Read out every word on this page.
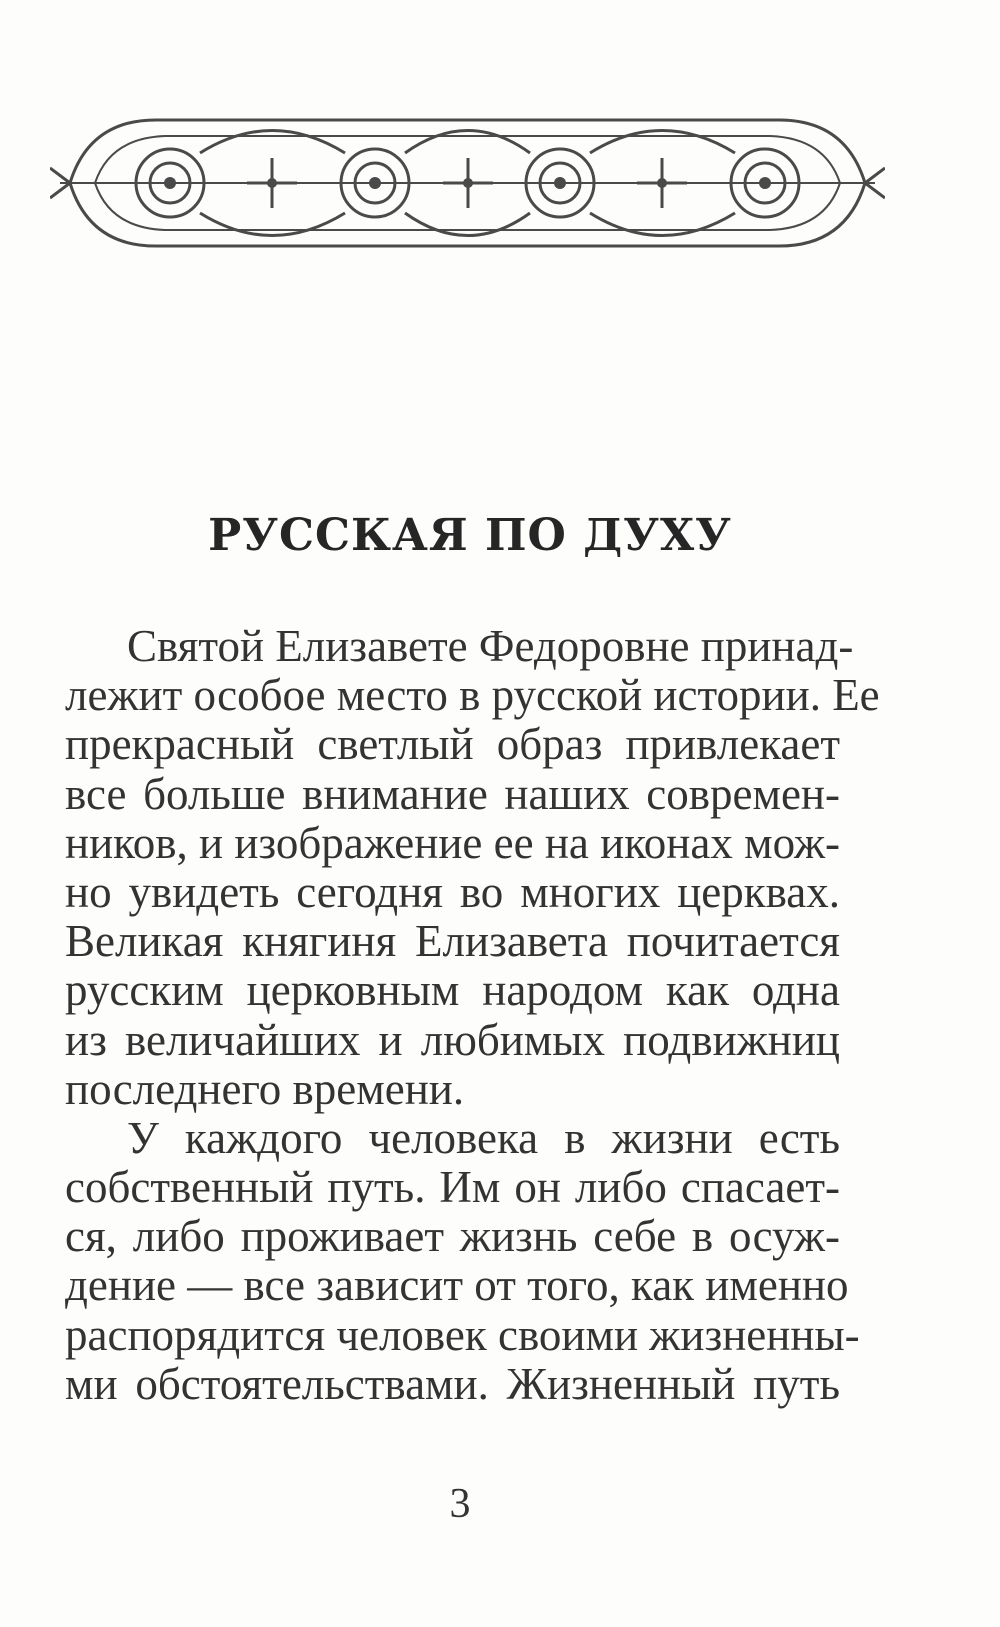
РУССКАЯ ПО ДУХУ
Святой Елизавете Федоровне принад-
лежит особое место в русской истории. Ее
прекрасный светлый образ привлекает
все больше внимание наших современ-
ников, и изображение ее на иконах мож-
но увидеть сегодня во многих церквах.
Великая княгиня Елизавета почитается
русским церковным народом как одна
из величайших и любимых подвижниц
последнего времени.
У каждого человека в жизни есть
собственный путь. Им он либо спасает-
ся, либо проживает жизнь себе в осуж-
дение — все зависит от того, как именно
распорядится человек своими жизненны-
ми обстоятельствами. Жизненный путь
3
